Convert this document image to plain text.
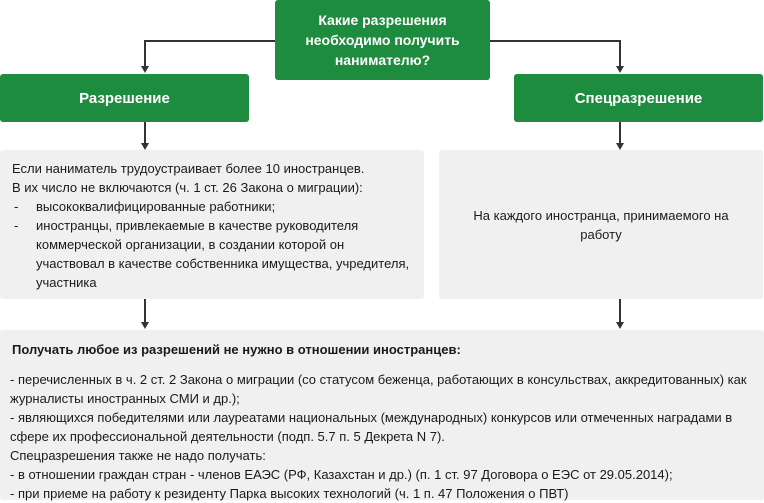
Какие разрешения необходимо получить нанимателю?
Разрешение	Спецразрешение

Если наниматель трудоустраивает более 10 иностранцев.

В их число не включаются (ч. 1 ст. 26 Закона о миграции):

-	высококвалифицированные работники;
-	иностранцы, привлекаемые в качестве руководителя коммерческой организации, в создании которой он участвовал в качестве собственника имущества, учредителя, участника
На каждого иностранца, принимаемого на работу

Получать любое из разрешений не нужно в отношении иностранцев:

- перечисленных в ч. 2 ст. 2 Закона о миграции (со статусом беженца, работающих в консульствах, аккредитованных) как журналисты иностранных СМИ и др.);

- являющихся победителями или лауреатами национальных (международных) конкурсов или отмеченных наградами в сфере их профессиональной деятельности (подп. 5.7 п. 5 Декрета N 7).

Спецразрешения также не надо получать:

- в отношении граждан стран - членов ЕАЭС (РФ, Казахстан и др.) (п. 1 ст. 97 Договора о ЕЭС от 29.05.2014);

- при приеме на работу к резиденту Парка высоких технологий (ч. 1 п. 47 Положения о ПВТ)
